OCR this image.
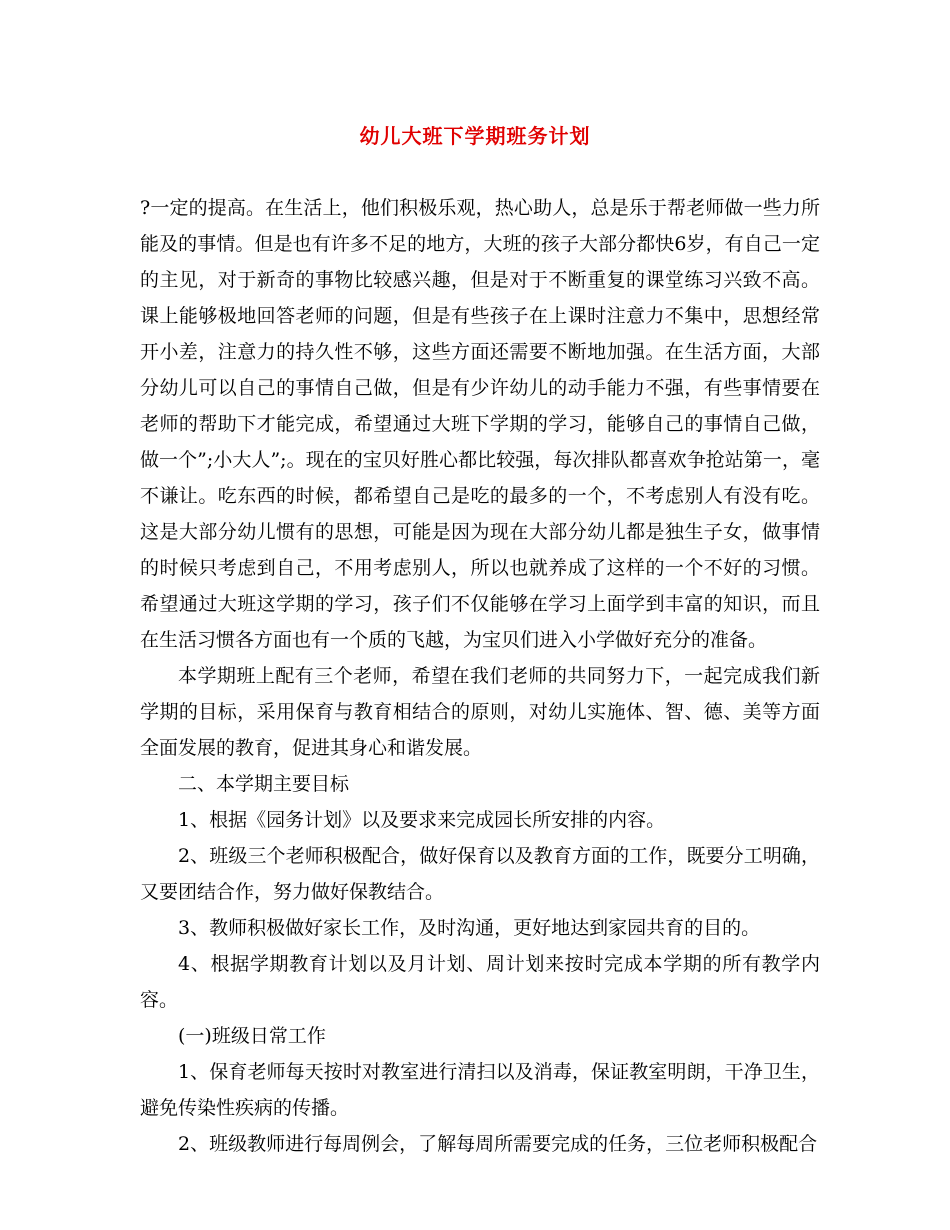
幼儿大班下学期班务计划

?一定的提高。在生活上，他们积极乐观，热心助人，总是乐于帮老师做一些力所能及的事情。但是也有许多不足的地方，大班的孩子大部分都快6岁，有自己一定的主见，对于新奇的事物比较感兴趣，但是对于不断重复的课堂练习兴致不高。课上能够极地回答老师的问题，但是有些孩子在上课时注意力不集中，思想经常开小差，注意力的持久性不够，这些方面还需要不断地加强。在生活方面，大部分幼儿可以自己的事情自己做，但是有少许幼儿的动手能力不强，有些事情要在老师的帮助下才能完成，希望通过大班下学期的学习，能够自己的事情自己做，做一个”;小大人”;。现在的宝贝好胜心都比较强，每次排队都喜欢争抢站第一，毫不谦让。吃东西的时候，都希望自己是吃的最多的一个，不考虑别人有没有吃。这是大部分幼儿惯有的思想，可能是因为现在大部分幼儿都是独生子女，做事情的时候只考虑到自己，不用考虑别人，所以也就养成了这样的一个不好的习惯。希望通过大班这学期的学习，孩子们不仅能够在学习上面学到丰富的知识，而且在生活习惯各方面也有一个质的飞越，为宝贝们进入小学做好充分的准备。

本学期班上配有三个老师，希望在我们老师的共同努力下，一起完成我们新学期的目标，采用保育与教育相结合的原则，对幼儿实施体、智、德、美等方面全面发展的教育，促进其身心和谐发展。

二、本学期主要目标

1、根据《园务计划》以及要求来完成园长所安排的内容。

2、班级三个老师积极配合，做好保育以及教育方面的工作，既要分工明确，又要团结合作，努力做好保教结合。

3、教师积极做好家长工作，及时沟通，更好地达到家园共育的目的。

4、根据学期教育计划以及月计划、周计划来按时完成本学期的所有教学内容。

(一)班级日常工作

1、保育老师每天按时对教室进行清扫以及消毒，保证教室明朗，干净卫生，避免传染性疾病的传播。

2、班级教师进行每周例会，了解每周所需要完成的任务，三位老师积极配合
